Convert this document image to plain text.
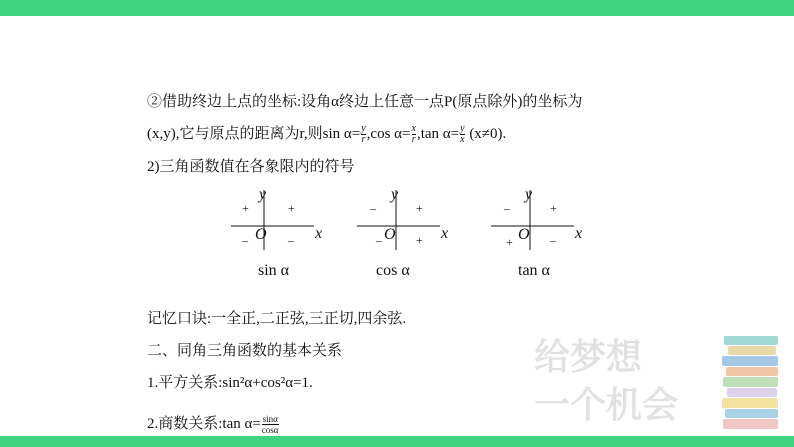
②借助终边上点的坐标:设角α终边上任意一点P(原点除外)的坐标为
(x,y),它与原点的距离为r,则$\sin \alpha= \frac{y}{r} ,\cos$ $\alpha= \frac{x}{r} ,\tan$ $\alpha= \frac{y}{x} (x\ne 0)$.
2)三角函数值在各象限内的符号
y
x
O
+
+
–	–
sin α
y
x
O
+
–
–	+
cos α
y
x
O
+
–
+	–
tan α
记忆口诀:一全正,二正弦,三正切,四余弦.
二、同角三角函数的基本关系
1.平方关系:sin²α+cos²α=1.
2.商数关系:tan $\alpha= \frac{\sin\alpha}{\cos\alpha}$
给梦想
一个机会
